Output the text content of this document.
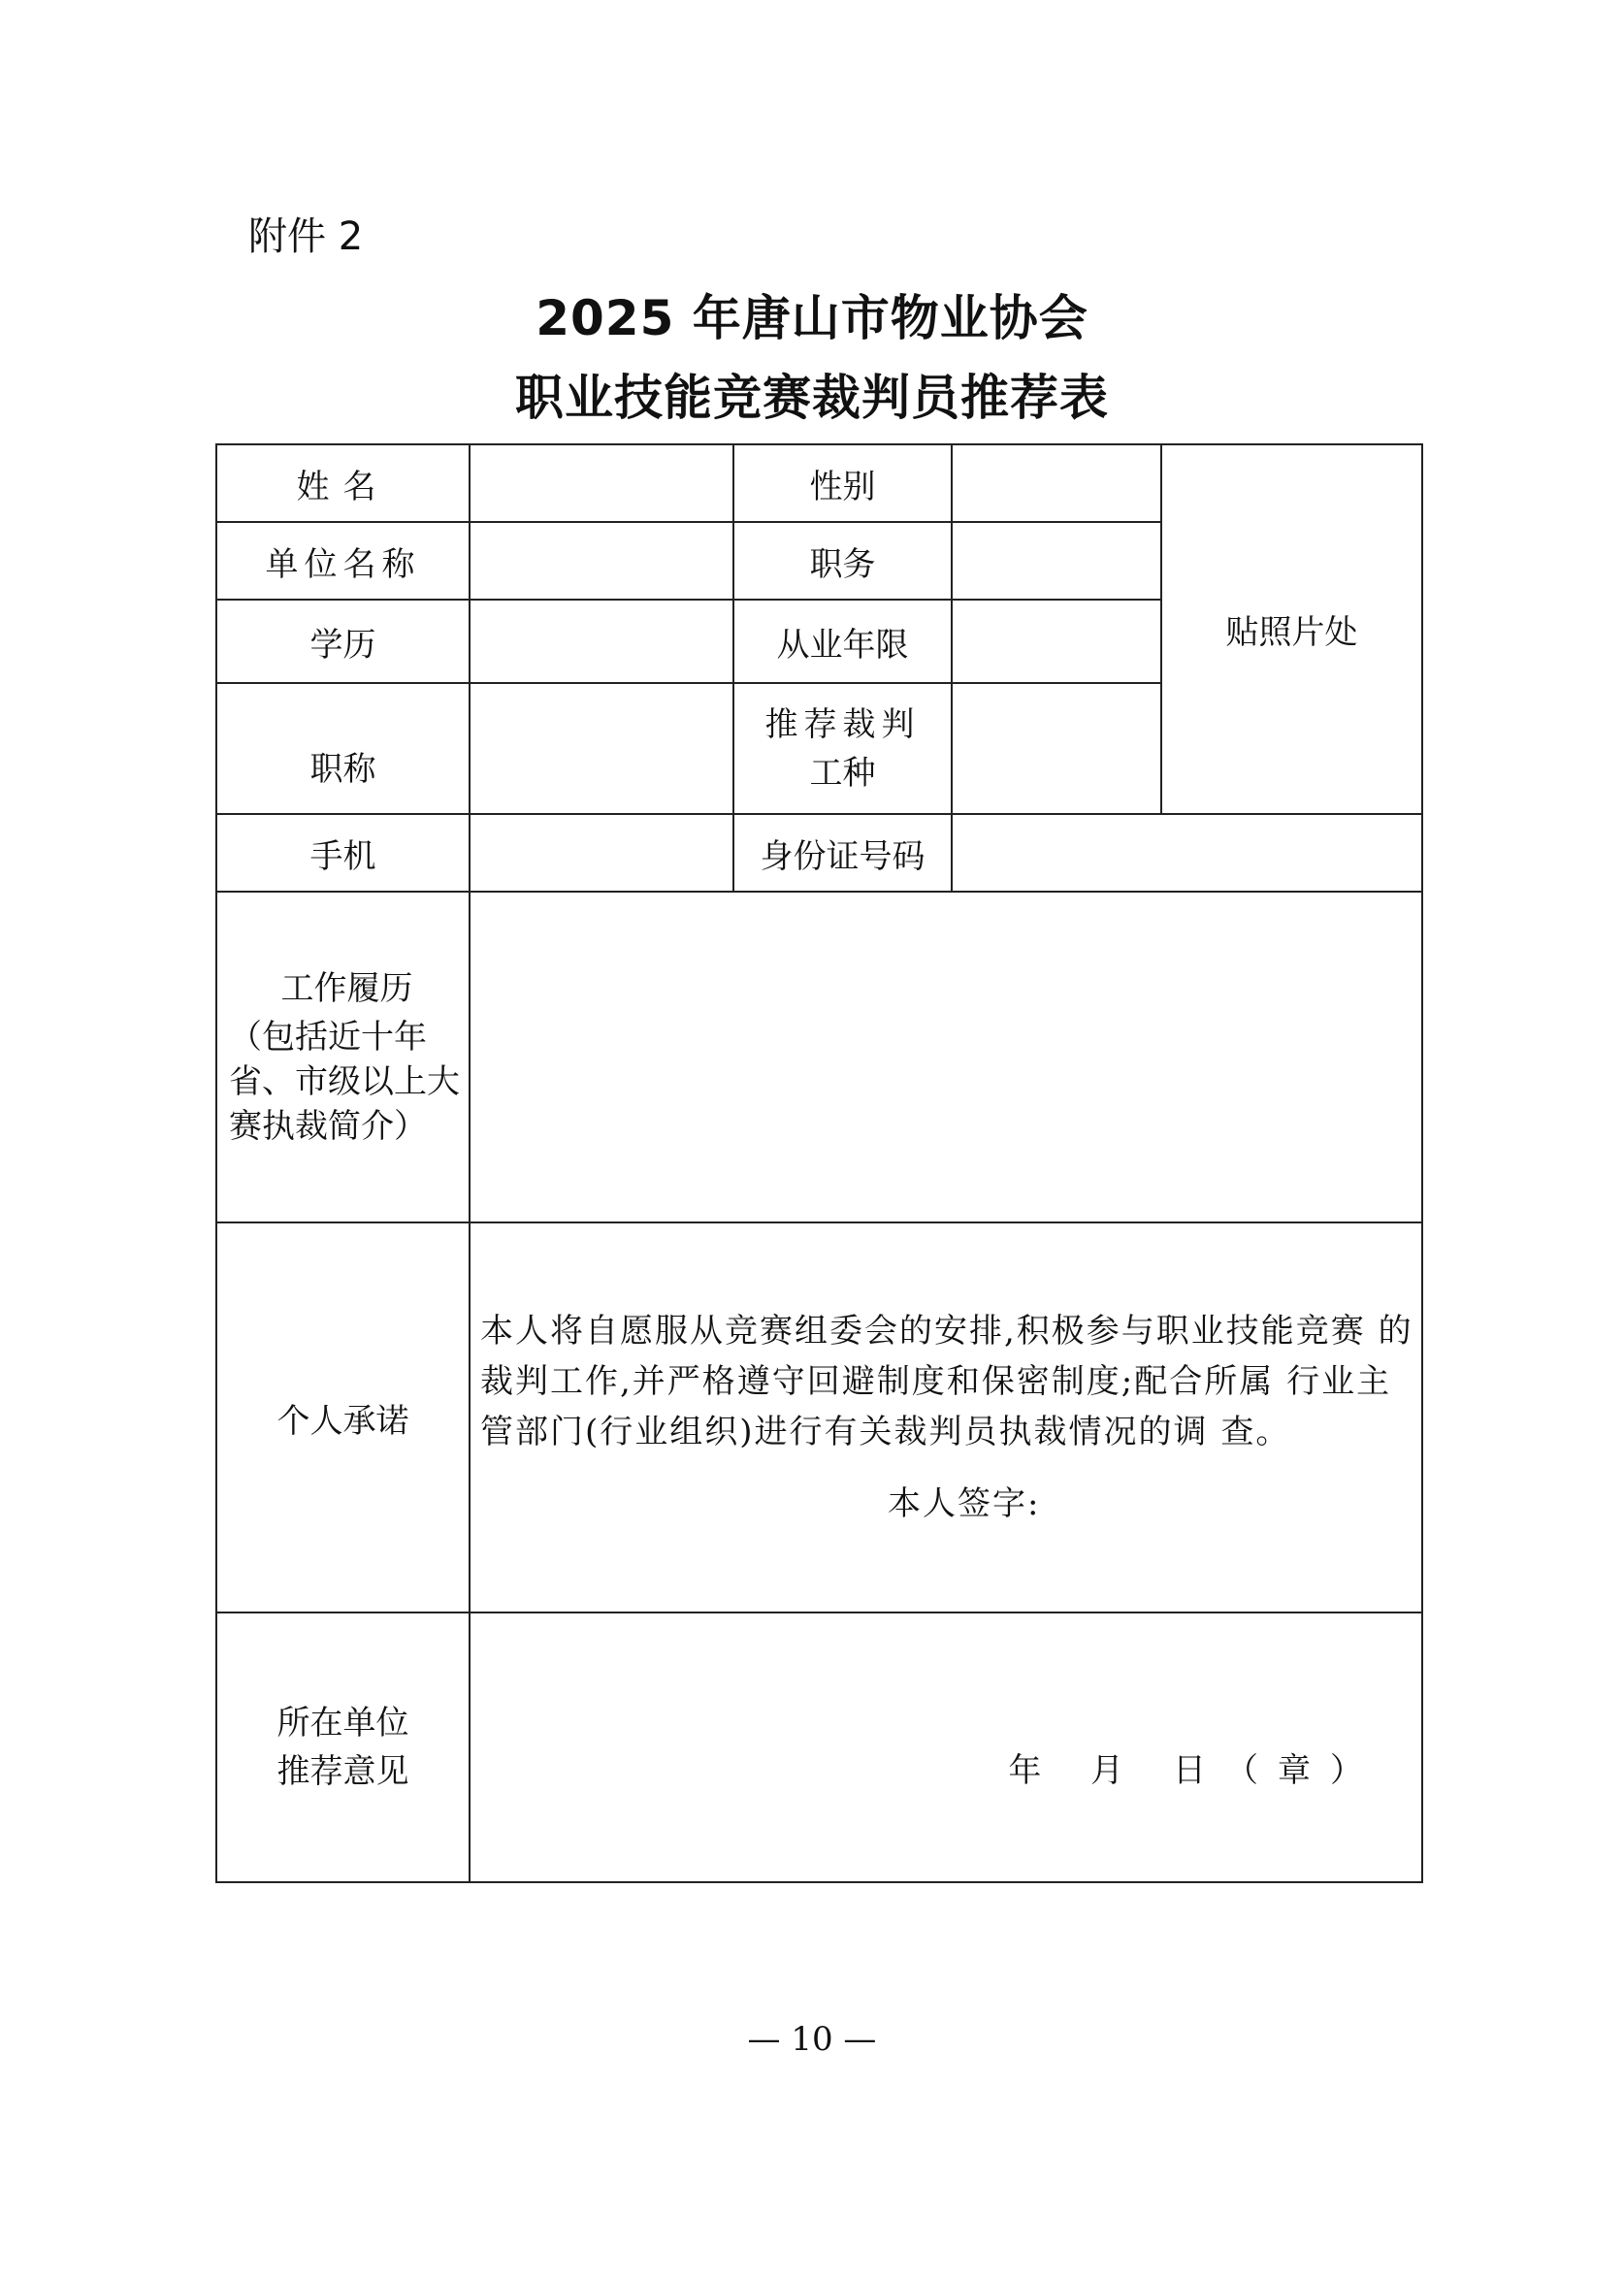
附件 2
2025 年唐山市物业协会
职业技能竞赛裁判员推荐表
姓名		性别		贴照片处
单位名称		职务		
学历		从业年限		
职称		推荐裁判
工种		
手机		身份证号码		

工作履历
（包括近十年省、市级以上大赛执裁简介）				
个人承诺	本人将自愿服从竞赛组委会的安排,积极参与职业技能竞赛 的裁判工作,并严格遵守回避制度和保密制度;配合所属 行业主管部门(行业组织)进行有关裁判员执裁情况的调 查。
本人签字:			

所在单位
推荐意见	年 月 日（章）			
— 10 —
